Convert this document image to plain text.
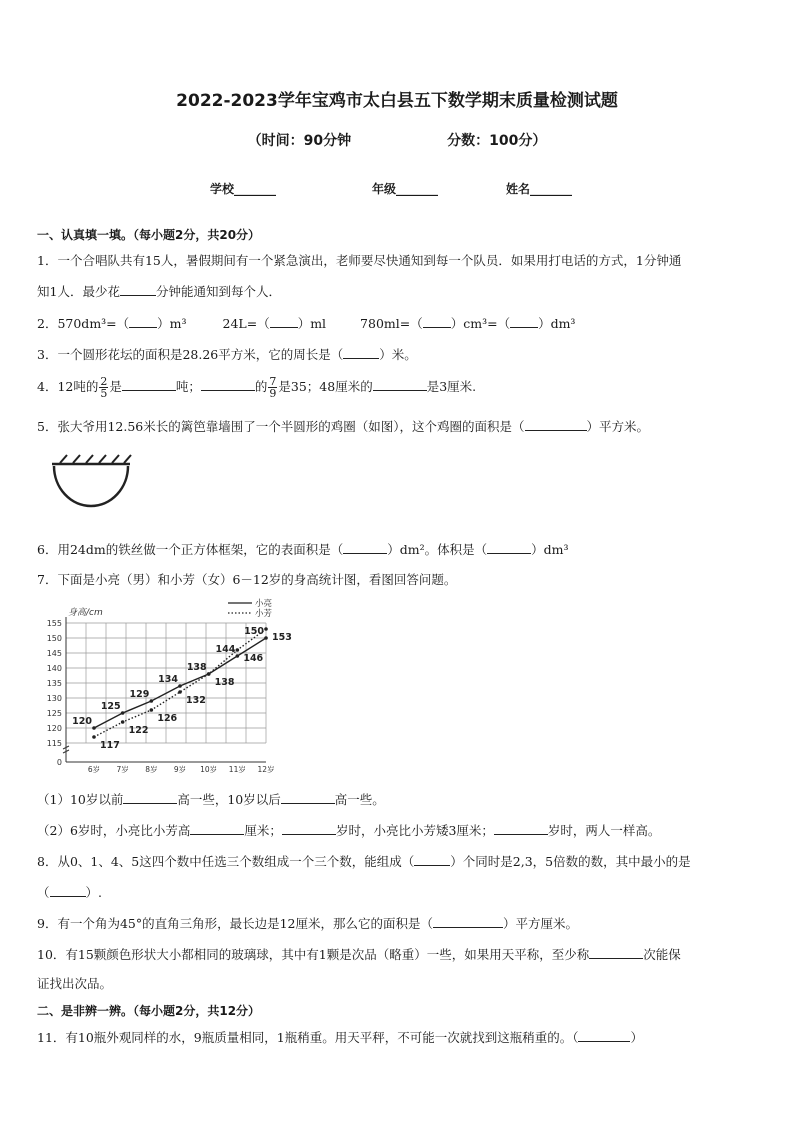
2022-2023学年宝鸡市太白县五下数学期末质量检测试题
（时间：90分钟	分数：100分）
学校_______	年级_______	姓名_______
一、认真填一填。（每小题2分，共20分）
1．一个合唱队共有15人，暑假期间有一个紧急演出，老师要尽快通知到每一个队员．如果用打电话的方式，1分钟通
知1人．最少花	分钟能通知到每个人．
2．570dm³=（ ）m³	24L=（ ）ml	780ml=（ ）cm³=（ ）dm³
3．一个圆形花坛的面积是28.26平方米，它的周长是（	）米。
4．12吨的 $\frac{2}{5}$ 是	吨；	的 $\frac{7}{9}$ 是35；48厘米的	是3厘米.
5．张大爷用12.56米长的篱笆靠墙围了一个半圆形的鸡圈（如图），这个鸡圈的面积是（	）平方米。
6．用24dm的铁丝做一个正方体框架，它的表面积是（	）dm²。体积是（	）dm³
7．下面是小亮（男）和小芳（女）6－12岁的身高统计图，看图回答问题。
0
115
120
125
130
135
140
145
150
155
身高/cm
6岁 7岁 8岁 9岁 10岁 11岁 12岁
120
125
129
134
138
144
150
117
122
126
132
138
146
153
小亮
小芳
（1）10岁以前	高一些，10岁以后	高一些。
（2）6岁时，小亮比小芳高	厘米；	岁时，小亮比小芳矮3厘米；	岁时，两人一样高。
8．从0、1、4、5这四个数中任选三个数组成一个三个数，能组成（	）个同时是2,3，5倍数的数，其中最小的是
（	）.
9．有一个角为45°的直角三角形，最长边是12厘米，那么它的面积是（	）平方厘米。
10．有15颗颜色形状大小都相同的玻璃球，其中有1颗是次品（略重）一些，如果用天平称，至少称	次能保
证找出次品。
二、是非辨一辨。（每小题2分，共12分）
11．有10瓶外观同样的水，9瓶质量相同，1瓶稍重。用天平秤，不可能一次就找到这瓶稍重的。（	）
